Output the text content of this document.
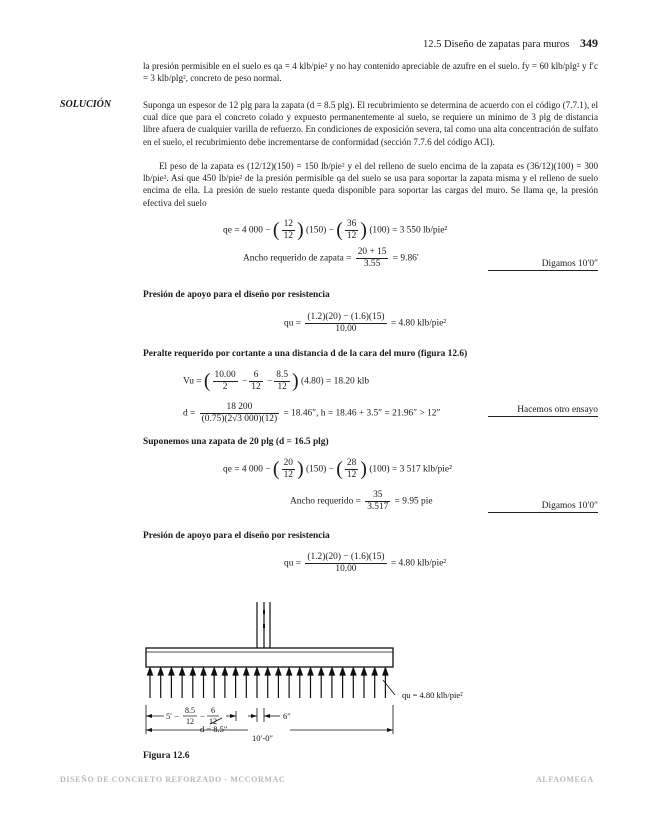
12.5 Diseño de zapatas para muros 349
la presión permisible en el suelo es qa = 4 klb/pie² y no hay contenido apreciable de azufre en el suelo. fy = 60 klb/plg² y f′c = 3 klb/plg², concreto de peso normal.
SOLUCIÓN	Suponga un espesor de 12 plg para la zapata (d = 8.5 plg). El recubrimiento se determina de acuerdo con el código (7.7.1), el cual dice que para el concreto colado y expuesto permanentemente al suelo, se requiere un mínimo de 3 plg de distancia libre afuera de cualquier varilla de refuerzo. En condiciones de exposición severa, tal como una alta concentración de sulfato en el suelo, el recubrimiento debe incrementarse de conformidad (sección 7.7.6 del código ACI).
El peso de la zapata es (12/12)(150) = 150 lb/pie² y el del relleno de suelo encima de la zapata es (36/12)(100) = 300 lb/pie². Así que 450 lb/pie² de la presión permisible qa del suelo se usa para soportar la zapata misma y el relleno de suelo encima de ella. La presión de suelo restante queda disponible para soportar las cargas del muro. Se llama qe, la presión efectiva del suelo
qe = 4 000 − ( $\frac{12}{12}$ ) (150) − ( $\frac{36}{12}$ ) (100) = 3 550 lb/pie²
Ancho requerido de zapata = $\frac{20 + 15}{3.55} = 9.86'$
Digamos 10′0″
Presión de apoyo para el diseño por resistencia
qu = $\frac{(1.2)(20) - (1.6)(15)}{10.00} = 4.80$ klb/pie²
Peralte requerido por cortante a una distancia d de la cara del muro (figura 12.6)
Vu = ( $\frac{10.00}{2} - \frac{6}{12} - \frac{8.5}{12}$ ) (4.80) = 18.20 klb
$d = \frac{18 200}{(0.75)(2√3 000)(12)} = 18.46''$, h = 18.46 + 3.5″ = 21.96″ > 12″	Hacemos otro ensayo
Suponemos una zapata de 20 plg (d = 16.5 plg)
qe = 4 000 − ( $\frac{20}{12}$ ) (150) − ( $\frac{28}{12}$ ) (100) = 3 517 klb/pie²
Ancho requerido = $\frac{35}{3.517} = 9.95$ pie	Digamos 10′0″
Presión de apoyo para el diseño por resistencia
qu = $\frac{(1.2)(20) - (1.6)(15)}{10.00} = 4.80$ klb/pie²
qu = 4.80 klb/pie²
5′ −
8.5
12
−
6
12
6″
d = 8.5″
10′-0″
Figura 12.6
DISEÑO DE CONCRETO REFORZADO - MCCORMAC	ALFAOMEGA
